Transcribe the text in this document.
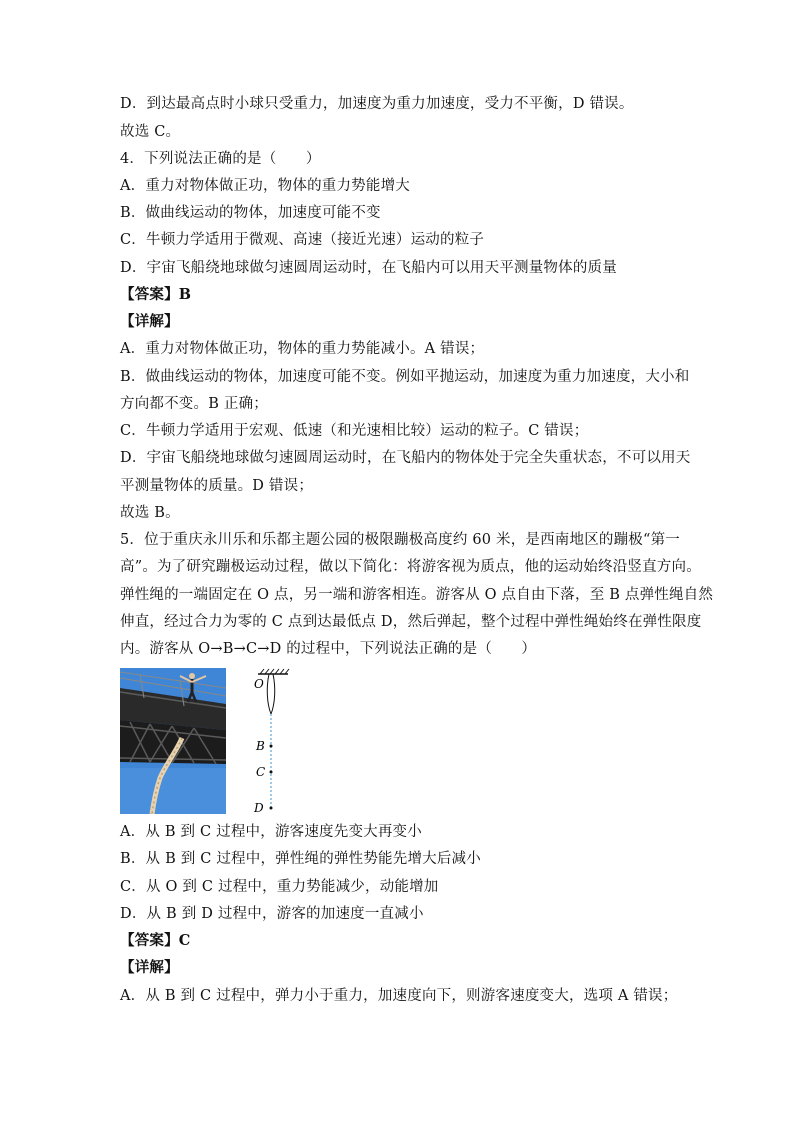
D．到达最高点时小球只受重力，加速度为重力加速度，受力不平衡，D 错误。
故选 C。
4．下列说法正确的是（　　）
A．重力对物体做正功，物体的重力势能增大
B．做曲线运动的物体，加速度可能不变
C．牛顿力学适用于微观、高速（接近光速）运动的粒子
D．宇宙飞船绕地球做匀速圆周运动时，在飞船内可以用天平测量物体的质量
【答案】B
【详解】
A．重力对物体做正功，物体的重力势能减小。A 错误；
B．做曲线运动的物体，加速度可能不变。例如平抛运动，加速度为重力加速度，大小和
方向都不变。B 正确；
C．牛顿力学适用于宏观、低速（和光速相比较）运动的粒子。C 错误；
D．宇宙飞船绕地球做匀速圆周运动时，在飞船内的物体处于完全失重状态，不可以用天
平测量物体的质量。D 错误；
故选 B。
5．位于重庆永川乐和乐都主题公园的极限蹦极高度约 60 米，是西南地区的蹦极“第一
高”。为了研究蹦极运动过程，做以下简化：将游客视为质点，他的运动始终沿竖直方向。
弹性绳的一端固定在 O 点，另一端和游客相连。游客从 O 点自由下落，至 B 点弹性绳自然
伸直，经过合力为零的 C 点到达最低点 D，然后弹起，整个过程中弹性绳始终在弹性限度
内。游客从 O→B→C→D 的过程中，下列说法正确的是（　　）
O
B
C
D
A．从 B 到 C 过程中，游客速度先变大再变小
B．从 B 到 C 过程中，弹性绳的弹性势能先增大后减小
C．从 O 到 C 过程中，重力势能减少，动能增加
D．从 B 到 D 过程中，游客的加速度一直减小
【答案】C
【详解】
A．从 B 到 C 过程中，弹力小于重力，加速度向下，则游客速度变大，选项 A 错误；
